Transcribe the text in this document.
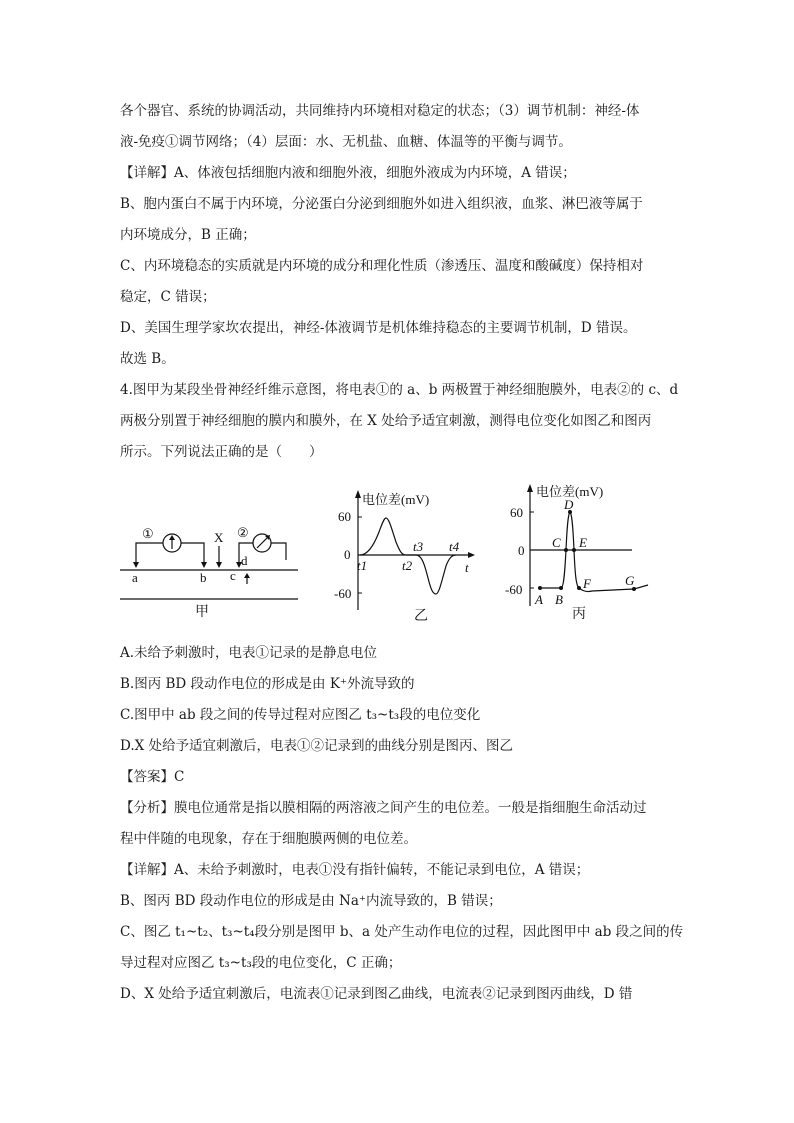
各个器官、系统的协调活动，共同维持内环境相对稳定的状态；（3）调节机制：神经-体
液-免疫①调节网络；（4）层面：水、无机盐、血糖、体温等的平衡与调节。
【详解】A、体液包括细胞内液和细胞外液，细胞外液成为内环境，A 错误；
B、胞内蛋白不属于内环境，分泌蛋白分泌到细胞外如进入组织液，血浆、淋巴液等属于
内环境成分，B 正确；
C、内环境稳态的实质就是内环境的成分和理化性质（渗透压、温度和酸碱度）保持相对
稳定，C 错误；
D、美国生理学家坎农提出，神经-体液调节是机体维持稳态的主要调节机制，D 错误。
故选 B。
4.图甲为某段坐骨神经纤维示意图，将电表①的 a、b 两极置于神经细胞膜外，电表②的 c、d
两极分别置于神经细胞的膜内和膜外，在 X 处给予适宜刺激，测得电位变化如图乙和图丙
所示。下列说法正确的是（　　）
①	X ②
a	b c
d
甲
电位差(mV)
60
0
-60
t1	t2
t3 t4
t
乙
电位差(mV)
60
0
-60
A B
C
D
E
F	G
丙
A.未给予刺激时，电表①记录的是静息电位
B.图丙 BD 段动作电位的形成是由 K⁺外流导致的
C.图甲中 ab 段之间的传导过程对应图乙 t₃~t₃段的电位变化
D.X 处给予适宜刺激后，电表①②记录到的曲线分别是图丙、图乙
【答案】C
【分析】膜电位通常是指以膜相隔的两溶液之间产生的电位差。一般是指细胞生命活动过
程中伴随的电现象，存在于细胞膜两侧的电位差。
【详解】A、未给予刺激时，电表①没有指针偏转，不能记录到电位，A 错误；
B、图丙 BD 段动作电位的形成是由 Na⁺内流导致的，B 错误；
C、图乙 t₁~t₂、t₃~t₄段分别是图甲 b、a 处产生动作电位的过程，因此图甲中 ab 段之间的传
导过程对应图乙 t₃~t₃段的电位变化，C 正确；
D、X 处给予适宜刺激后，电流表①记录到图乙曲线，电流表②记录到图丙曲线，D 错
